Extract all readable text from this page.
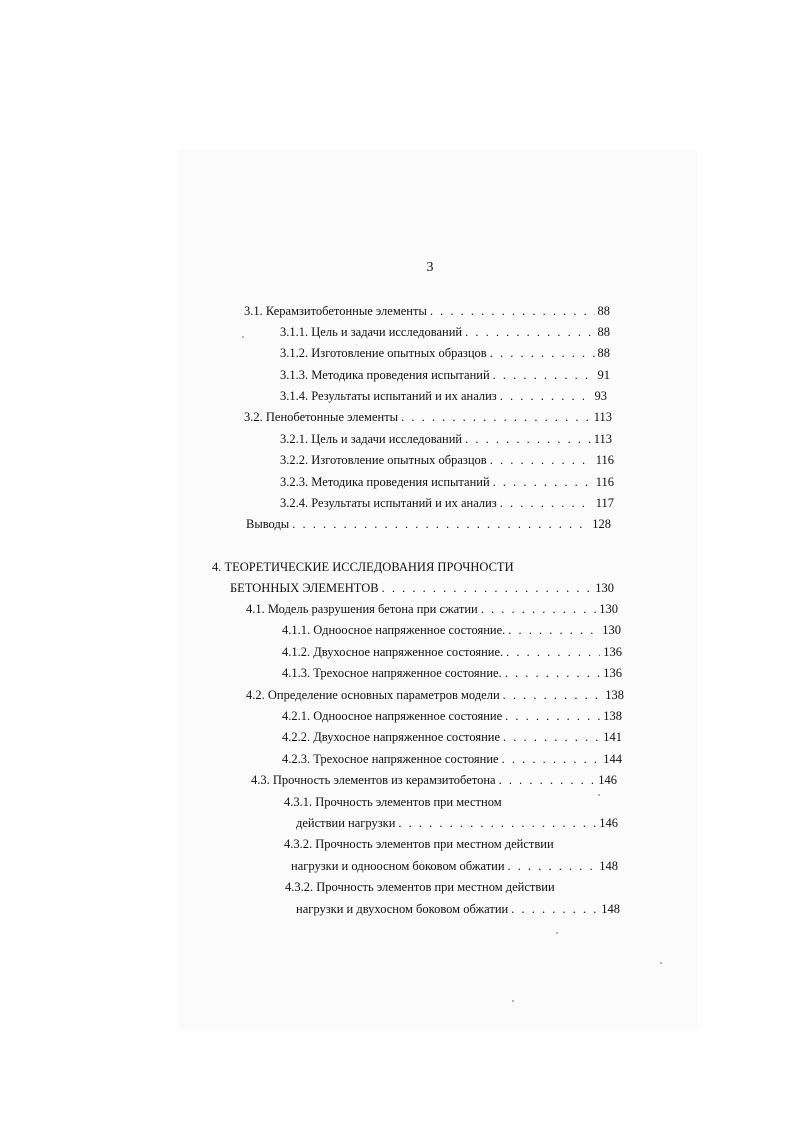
3
3.1. Керамзитобетонные элементы . . .	88
3.1.1. Цель и задачи исследований . . .	88
3.1.2. Изготовление опытных образцов . . .	88
3.1.3. Методика проведения испытаний . . .	91
3.1.4. Результаты испытаний и их анализ . . .	93
3.2. Пенобетонные элементы . . .	113
3.2.1. Цель и задачи исследований . . .	113
3.2.2. Изготовление опытных образцов . . .	116
3.2.3. Методика проведения испытаний . . .	116
3.2.4. Результаты испытаний и их анализ . . .	117
Выводы . . .	128
4. ТЕОРЕТИЧЕСКИЕ ИССЛЕДОВАНИЯ ПРОЧНОСТИ
БЕТОННЫХ ЭЛЕМЕНТОВ . . .	130
4.1. Модель разрушения бетона при сжатии . . .	130
4.1.1. Одноосное напряженное состояние. . . .	130
4.1.2. Двухосное напряженное состояние. . . .	136
4.1.3. Трехосное напряженное состояние. . . .	136
4.2. Определение основных параметров модели . . .	138
4.2.1. Одноосное напряженное состояние . . .	138
4.2.2. Двухосное напряженное состояние . . .	141
4.2.3. Трехосное напряженное состояние . . .	144
4.3. Прочность элементов из керамзитобетона . . .	146
4.3.1. Прочность элементов при местном
действии нагрузки . . .	146
4.3.2. Прочность элементов при местном действии
нагрузки и одноосном боковом обжатии . . .	148
4.3.2. Прочность элементов при местном действии
нагрузки и двухосном боковом обжатии . . .	148
